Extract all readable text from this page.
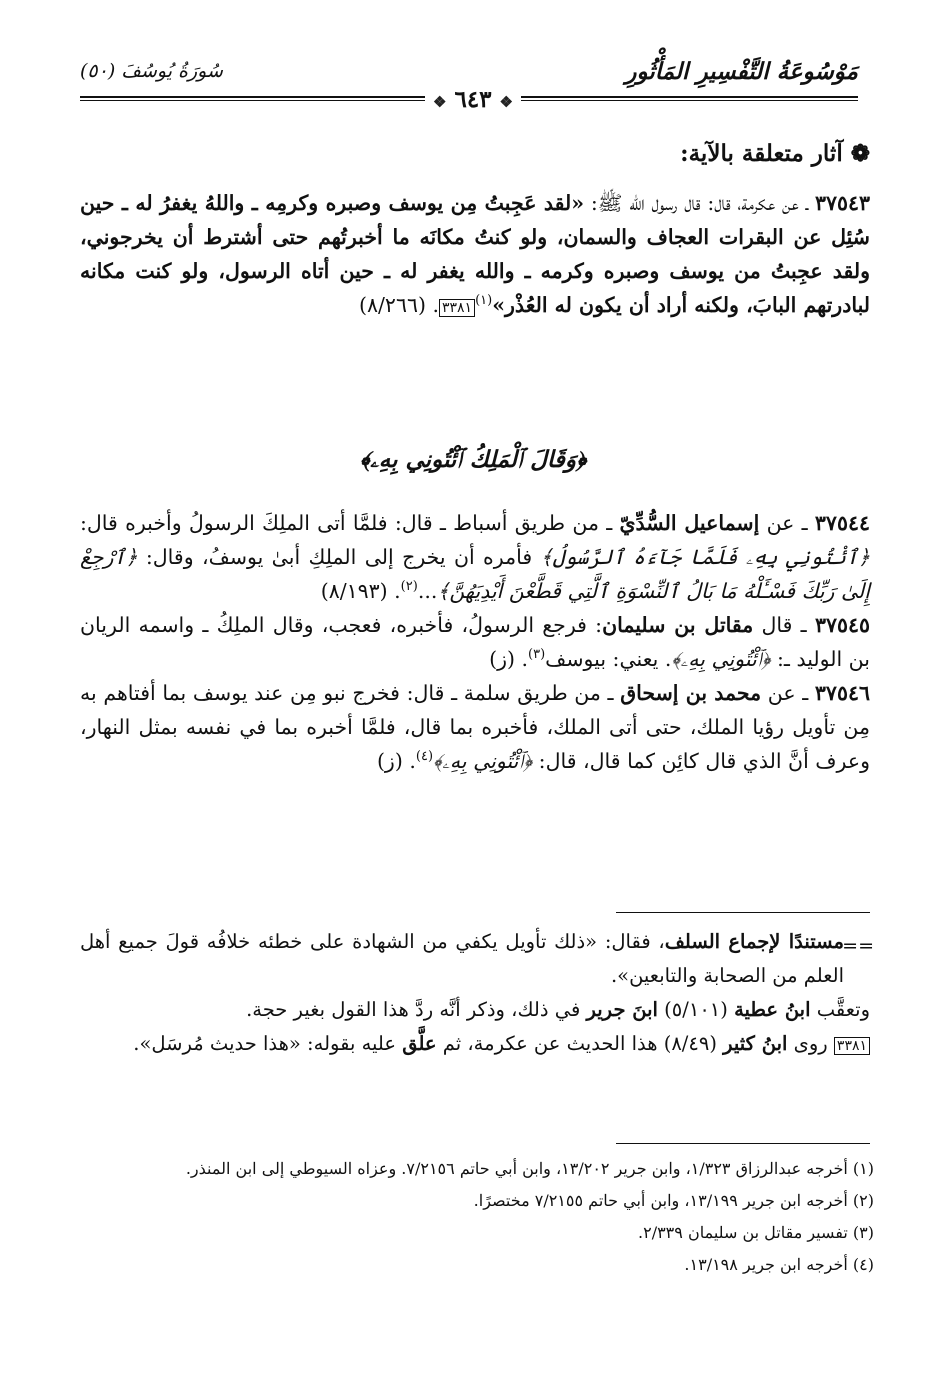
مَوْسُوعَةُ التَّفْسِيرِ المَأْثُورِ
سُورَةُ يُوسُفَ (٥٠)
❖ ٦٤٣ ❖
❁ آثار متعلقة بالآية:
٣٧٥٤٣ ـ عن عكرمة، قال: قال رسول الله ﷺ: «لقد عَجِبتُ مِن يوسف وصبره وكرمِه ـ واللهُ يغفرُ له ـ حين سُئِل عن البقرات العجاف والسمان، ولو كنتُ مكانَه ما أخبرتُهم حتى أشترط أن يخرجوني، ولقد عجِبتُ من يوسف وصبره وكرمه ـ والله يغفر له ـ حين أتاه الرسول، ولو كنت مكانه لبادرتهم البابَ، ولكنه أراد أن يكون له العُذْر»$^{(١)}$٣٣٨١. (٨/٢٦٦)
﴿وَقَالَ ٱلْمَلِكُ ٱئْتُونِي بِهِۦ﴾
٣٧٥٤٤ ـ عن إسماعيل السُّدِّيّ ـ من طريق أسباط ـ قال: فلمَّا أتى الملِكَ الرسولُ وأخبره قال: ﴿ٱئْتُونِي بِهِۦ فَلَمَّا جَآءَهُ ٱلرَّسُولُ﴾ فأمره أن يخرج إلى الملِكِ أبىٰ يوسفُ، وقال: ﴿ٱرْجِعْ إِلَىٰ رَبِّكَ فَسْـَٔلْهُ مَا بَالُ ٱلنِّسْوَةِ ٱلَّتِي قَطَّعْنَ أَيْدِيَهُنَّ﴾...$^{(٢)}$. (٨/١٩٣)
٣٧٥٤٥ ـ قال مقاتل بن سليمان: فرجع الرسولُ، فأخبره، فعجب، وقال الملِكُ ـ واسمه الريان بن الوليد ـ: ﴿ٱئْتُونِي بِهِۦ﴾. يعني: بيوسف$^{(٣)}$. (ز)
٣٧٥٤٦ ـ عن محمد بن إسحاق ـ من طريق سلمة ـ قال: فخرج نبو مِن عند يوسف بما أفتاهم به مِن تأويل رؤيا الملك، حتى أتى الملك، فأخبره بما قال، فلمَّا أخبره بما في نفسه بمثل النهار، وعرف أنَّ الذي قال كائِن كما قال، قال: ﴿ٱئْتُونِي بِهِۦ﴾$^{(٤)}$. (ز)
==

مستندًا لإجماع السلف، فقال: «ذلك تأويل يكفي من الشهادة على خطئه خلافُه قولَ جميع أهل العلم من الصحابة والتابعين».

وتعقَّب ابنُ عطية (٥/١٠١) ابنَ جرير في ذلك، وذكر أنَّه ردَّ هذا القول بغير حجة.

٣٣٨١ روى ابنُ كثير (٨/٤٩) هذا الحديث عن عكرمة، ثم علَّق عليه بقوله: «هذا حديث مُرسَل».

(١) أخرجه عبدالرزاق ١/٣٢٣، وابن جرير ١٣/٢٠٢، وابن أبي حاتم ٧/٢١٥٦. وعزاه السيوطي إلى ابن المنذر.

(٢) أخرجه ابن جرير ١٣/١٩٩، وابن أبي حاتم ٧/٢١٥٥ مختصرًا.

(٣) تفسير مقاتل بن سليمان ٢/٣٣٩.

(٤) أخرجه ابن جرير ١٣/١٩٨.
